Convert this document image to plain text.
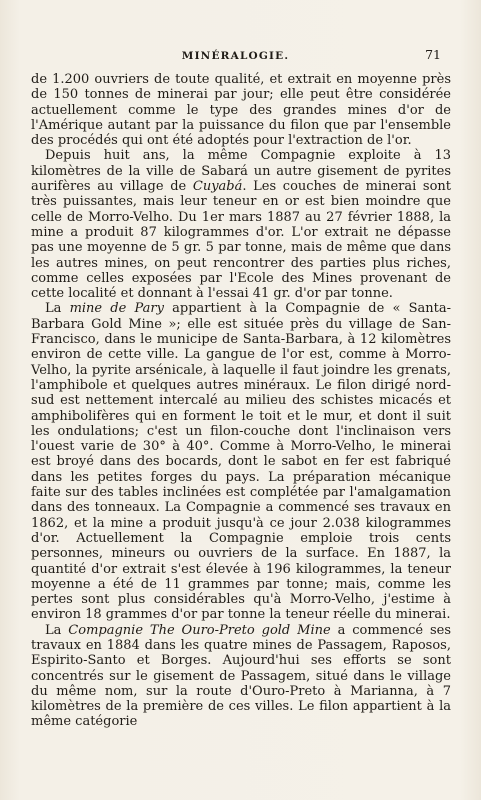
MINÉRALOGIE.	71

de 1.200 ouvriers de toute qualité, et extrait en moyenne près de 150 tonnes de minerai par jour; elle peut être considérée actuellement comme le type des grandes mines d'or de l'Amérique autant par la puissance du filon que par l'ensemble des procédés qui ont été adoptés pour l'extraction de l'or.

Depuis huit ans, la même Compagnie exploite à 13 kilomètres de la ville de Sabará un autre gisement de pyrites aurifères au village de Cuyabá. Les couches de minerai sont très puissantes, mais leur teneur en or est bien moindre que celle de Morro-Velho. Du 1er mars 1887 au 27 février 1888, la mine a produit 87 kilogrammes d'or. L'or extrait ne dépasse pas une moyenne de 5 gr. 5 par tonne, mais de même que dans les autres mines, on peut rencontrer des parties plus riches, comme celles exposées par l'Ecole des Mines provenant de cette localité et donnant à l'essai 41 gr. d'or par tonne.

La mine de Pary appartient à la Compagnie de « Santa-Barbara Gold Mine »; elle est située près du village de San-Francisco, dans le municipe de Santa-Barbara, à 12 kilomètres environ de cette ville. La gangue de l'or est, comme à Morro-Velho, la pyrite arsénicale, à laquelle il faut joindre les grenats, l'amphibole et quelques autres minéraux. Le filon dirigé nord-sud est nettement intercalé au milieu des schistes micacés et amphibolifères qui en forment le toit et le mur, et dont il suit les ondulations; c'est un filon-couche dont l'inclinaison vers l'ouest varie de 30° à 40°. Comme à Morro-Velho, le minerai est broyé dans des bocards, dont le sabot en fer est fabriqué dans les petites forges du pays. La préparation mécanique faite sur des tables inclinées est complétée par l'amalgamation dans des tonneaux. La Compagnie a commencé ses travaux en 1862, et la mine a produit jusqu'à ce jour 2.038 kilogrammes d'or. Actuellement la Compagnie emploie trois cents personnes, mineurs ou ouvriers de la surface. En 1887, la quantité d'or extrait s'est élevée à 196 kilogrammes, la teneur moyenne a été de 11 grammes par tonne; mais, comme les pertes sont plus considérables qu'à Morro-Velho, j'estime à environ 18 grammes d'or par tonne la teneur réelle du minerai.

La Compagnie The Ouro-Preto gold Mine a commencé ses travaux en 1884 dans les quatre mines de Passagem, Raposos, Espirito-Santo et Borges. Aujourd'hui ses efforts se sont concentrés sur le gisement de Passagem, situé dans le village du même nom, sur la route d'Ouro-Preto à Marianna, à 7 kilomètres de la première de ces villes. Le filon appartient à la même catégorie
